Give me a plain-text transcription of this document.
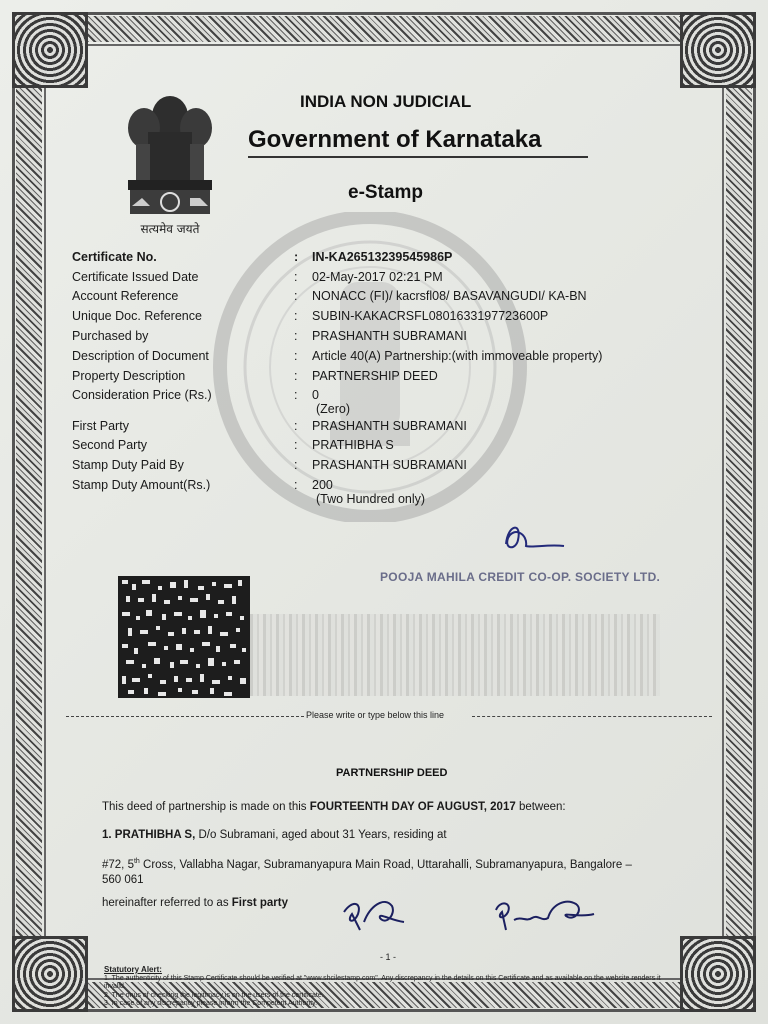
सत्यमेव जयते
INDIA NON JUDICIAL
Government of Karnataka
e-Stamp
Certificate No.	: IN-KA26513239545986P
Certificate Issued Date	: 02-May-2017 02:21 PM
Account Reference	: NONACC (FI)/ kacrsfl08/ BASAVANGUDI/ KA-BN
Unique Doc. Reference	: SUBIN-KAKACRSFL0801633197723600P
Purchased by	: PRASHANTH SUBRAMANI
Description of Document	: Article 40(A) Partnership:(with immoveable property)
Property Description	: PARTNERSHIP DEED
Consideration Price (Rs.)	: 0
(Zero)
First Party	: PRASHANTH SUBRAMANI
Second Party	: PRATHIBHA S
Stamp Duty Paid By	: PRASHANTH SUBRAMANI
Stamp Duty Amount(Rs.)	: 200
(Two Hundred only)
POOJA MAHILA CREDIT CO-OP. SOCIETY LTD.
Please write or type below this line
PARTNERSHIP DEED
This deed of partnership is made on this FOURTEENTH DAY OF AUGUST, 2017 between:
1. PRATHIBHA S, D/o Subramani, aged about 31 Years, residing at
#72, 5th Cross, Vallabha Nagar, Subramanyapura Main Road, Uttarahalli, Subramanyapura, Bangalore –
560 061
hereinafter referred to as First party
- 1 -
Statutory Alert:
1. The authenticity of this Stamp Certificate should be verified at "www.shcilestamp.com". Any discrepancy in the details on this Certificate and as available on the website renders it invalid.
2. The onus of checking the legitimacy is on the users of the certificate.
3. In case of any discrepancy please inform the Competent Authority.
